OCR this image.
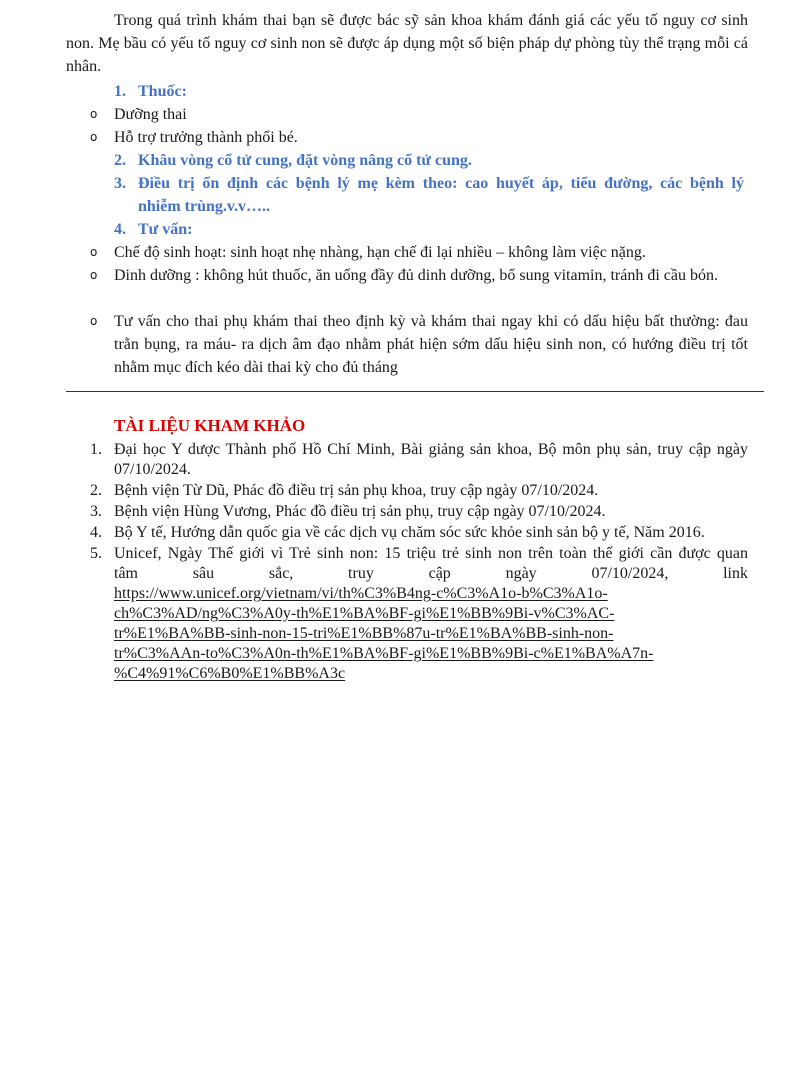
Trong quá trình khám thai bạn sẽ được bác sỹ sản khoa khám đánh giá các yếu tố nguy cơ sinh non. Mẹ bầu có yếu tố nguy cơ sinh non sẽ được áp dụng một số biện pháp dự phòng tùy thể trạng mỗi cá nhân.

1. Thuốc:

o Dưỡng thai
o Hỗ trợ trưởng thành phổi bé.

2. Khâu vòng cổ tử cung, đặt vòng nâng cổ tử cung.

3. Điều trị ổn định các bệnh lý mẹ kèm theo: cao huyết áp, tiểu đường, các bệnh lý
nhiễm trùng.v.v…..

4. Tư vấn:

o Chế độ sinh hoạt: sinh hoạt nhẹ nhàng, hạn chế đi lại nhiều – không làm việc nặng.
o Dinh dưỡng : không hút thuốc, ăn uống đầy đủ dinh dưỡng, bổ sung vitamin, tránh đi cầu bón.
o Tư vấn cho thai phụ khám thai theo định kỳ và khám thai ngay khi có dấu hiệu bất thường: đau trằn bụng, ra máu- ra dịch âm đạo nhằm phát hiện sớm dấu hiệu sinh non, có hướng điều trị tốt nhằm mục đích kéo dài thai kỳ cho đủ tháng

TÀI LIỆU KHAM KHẢO

1. Đại học Y dược Thành phố Hồ Chí Minh, Bài giảng sản khoa, Bộ môn phụ sản, truy cập ngày 07/10/2024.
2. Bệnh viện Từ Dũ, Phác đồ điều trị sản phụ khoa, truy cập ngày 07/10/2024.
3. Bệnh viện Hùng Vương, Phác đồ điều trị sản phụ, truy cập ngày 07/10/2024.
4. Bộ Y tế, Hướng dẫn quốc gia về các dịch vụ chăm sóc sức khỏe sinh sản bộ y tế, Năm 2016.
5. Unicef, Ngày Thế giới vì Trẻ sinh non: 15 triệu trẻ sinh non trên toàn thế giới cần được quan
tâm sâu sắc, truy cập ngày 07/10/2024, link
https://www.unicef.org/vietnam/vi/th%C3%B4ng-c%C3%A1o-b%C3%A1o-
ch%C3%AD/ng%C3%A0y-th%E1%BA%BF-gi%E1%BB%9Bi-v%C3%AC-
tr%E1%BA%BB-sinh-non-15-tri%E1%BB%87u-tr%E1%BA%BB-sinh-non-
tr%C3%AAn-to%C3%A0n-th%E1%BA%BF-gi%E1%BB%9Bi-c%E1%BA%A7n-
%C4%91%C6%B0%E1%BB%A3c
